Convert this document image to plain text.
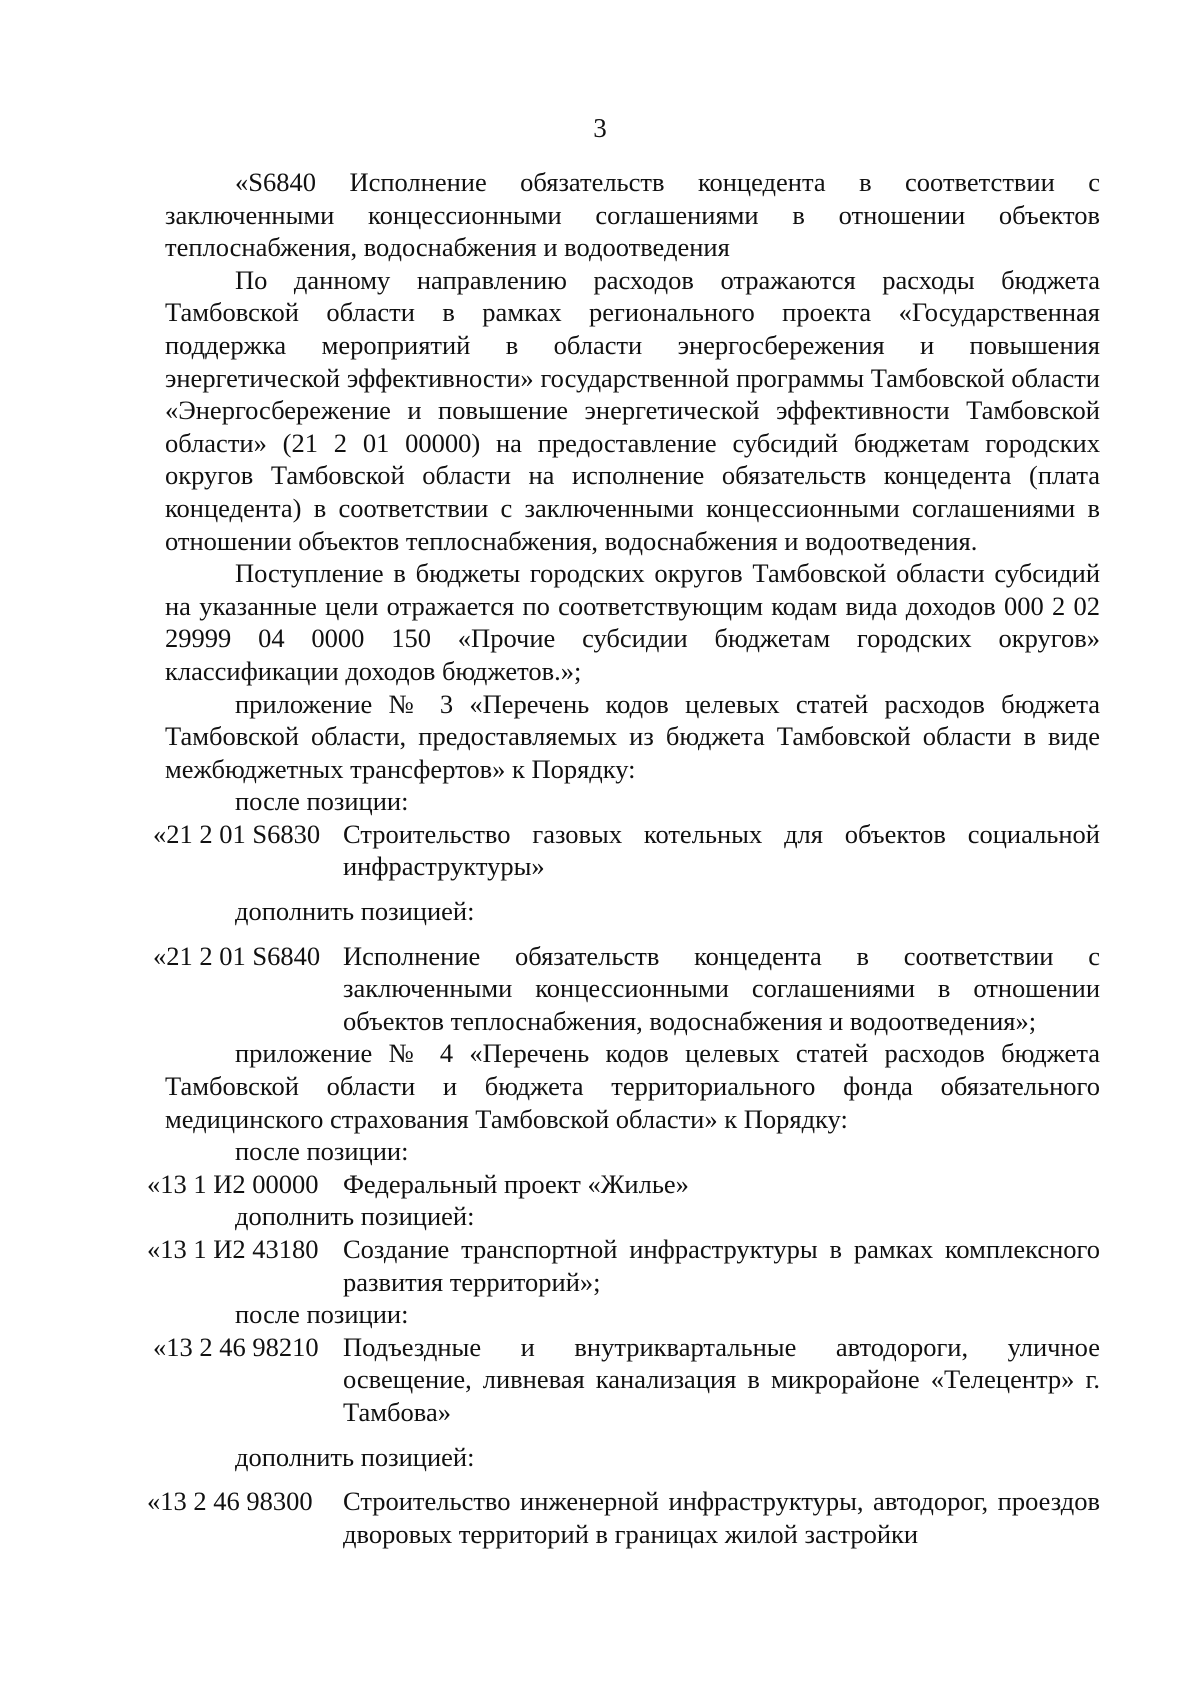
3

«S6840 Исполнение обязательств концедента в соответствии с заключенными концессионными соглашениями в отношении объектов теплоснабжения, водоснабжения и водоотведения

По данному направлению расходов отражаются расходы бюджета Тамбовской области в рамках регионального проекта «Государственная поддержка мероприятий в области энергосбережения и повышения энергетической эффективности» государственной программы Тамбовской области «Энергосбережение и повышение энергетической эффективности Тамбовской области» (21 2 01 00000) на предоставление субсидий бюджетам городских округов Тамбовской области на исполнение обязательств концедента (плата концедента) в соответствии с заключенными концессионными соглашениями в отношении объектов теплоснабжения, водоснабжения и водоотведения.

Поступление в бюджеты городских округов Тамбовской области субсидий на указанные цели отражается по соответствующим кодам вида доходов 000 2 02 29999 04 0000 150 «Прочие субсидии бюджетам городских округов» классификации доходов бюджетов.»;

приложение № 3 «Перечень кодов целевых статей расходов бюджета Тамбовской области, предоставляемых из бюджета Тамбовской области в виде межбюджетных трансфертов» к Порядку:

после позиции:

«21 2 01 S6830 Строительство газовых котельных для объектов социальной инфраструктуры»

дополнить позицией:

«21 2 01 S6840 Исполнение обязательств концедента в соответствии с заключенными концессионными соглашениями в отношении объектов теплоснабжения, водоснабжения и водоотведения»;

приложение № 4 «Перечень кодов целевых статей расходов бюджета Тамбовской области и бюджета территориального фонда обязательного медицинского страхования Тамбовской области» к Порядку:

после позиции:

«13 1 И2 00000 Федеральный проект «Жилье»

дополнить позицией:

«13 1 И2 43180 Создание транспортной инфраструктуры в рамках комплексного развития территорий»;

после позиции:

«13 2 46 98210 Подъездные и внутриквартальные автодороги, уличное освещение, ливневая канализация в микрорайоне «Телецентр» г. Тамбова»

дополнить позицией:

«13 2 46 98300	Строительство инженерной инфраструктуры, автодорог, проездов дворовых территорий в границах жилой застройки
